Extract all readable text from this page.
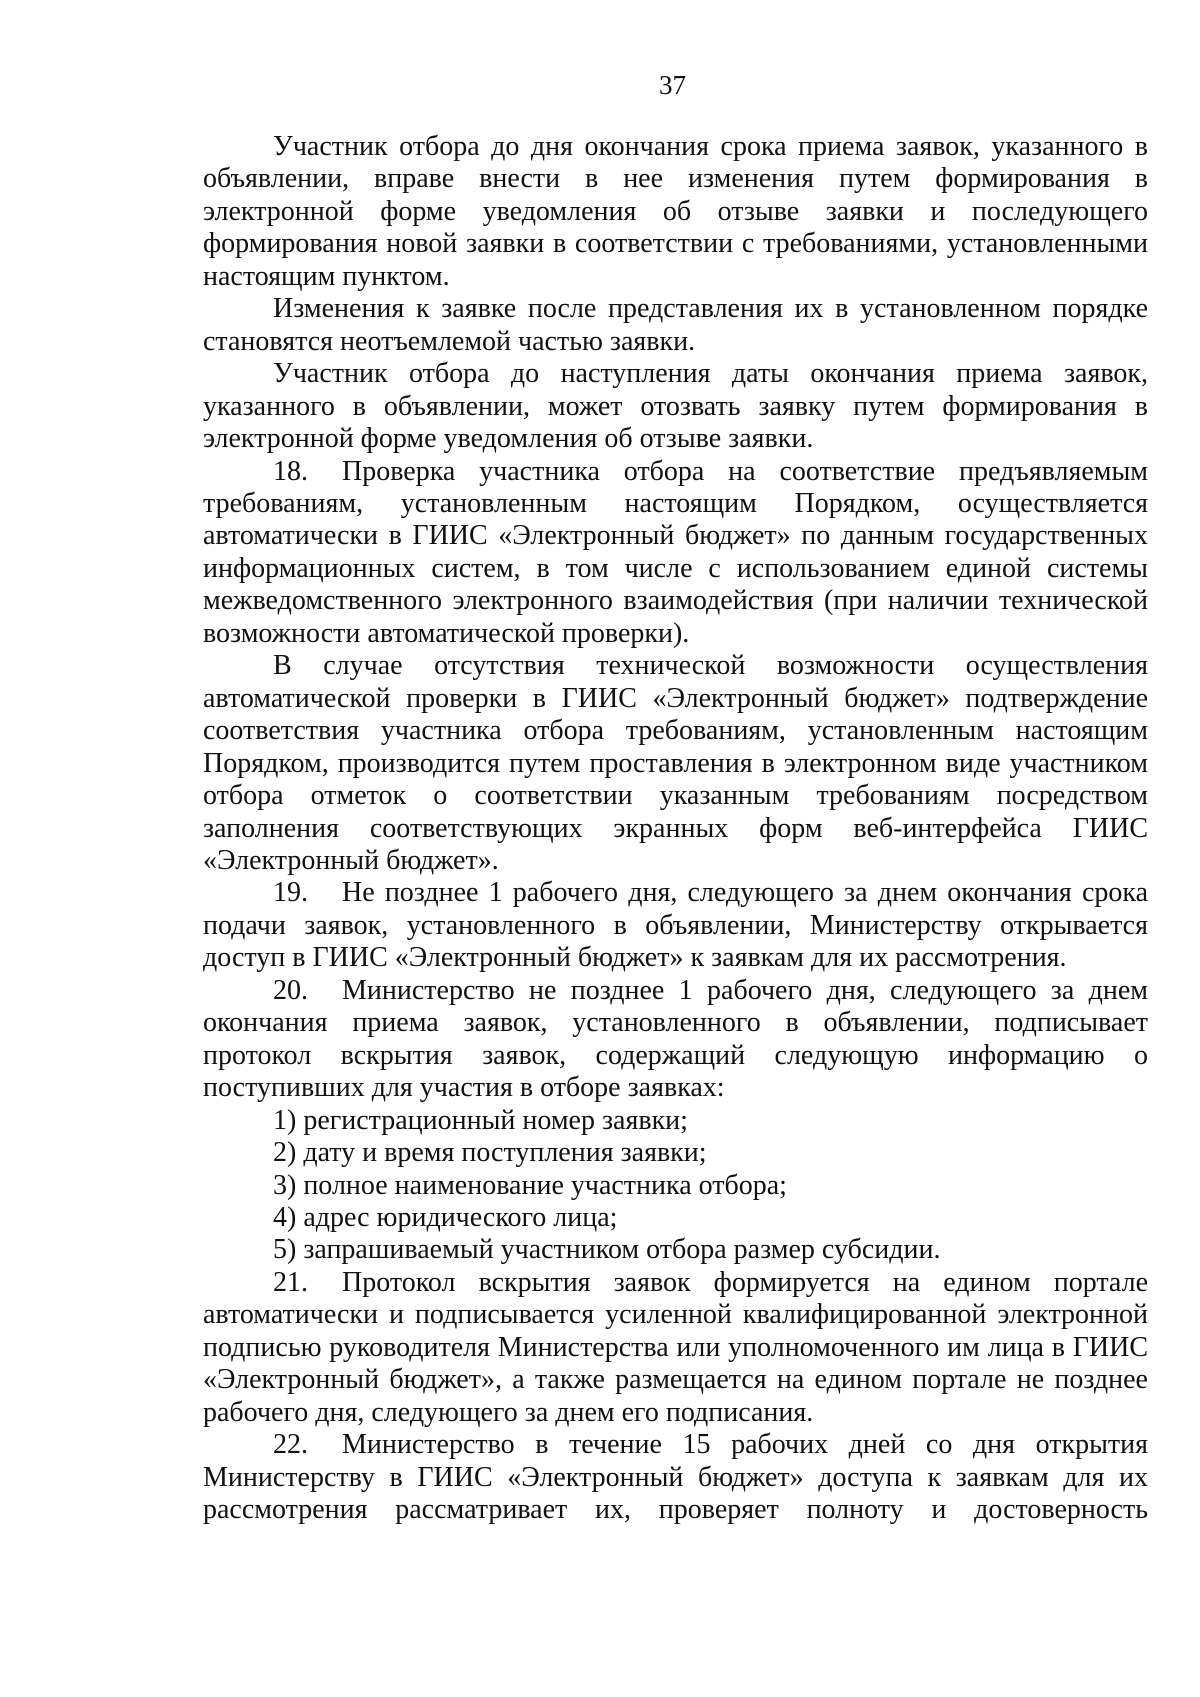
37

Участник отбора до дня окончания срока приема заявок, указанного в объявлении, вправе внести в нее изменения путем формирования в электронной форме уведомления об отзыве заявки и последующего формирования новой заявки в соответствии с требованиями, установленными настоящим пунктом.

Изменения к заявке после представления их в установленном порядке становятся неотъемлемой частью заявки.

Участник отбора до наступления даты окончания приема заявок, указанного в объявлении, может отозвать заявку путем формирования в электронной форме уведомления об отзыве заявки.

18. Проверка участника отбора на соответствие предъявляемым требованиям, установленным настоящим Порядком, осуществляется автоматически в ГИИС «Электронный бюджет» по данным государственных информационных систем, в том числе с использованием единой системы межведомственного электронного взаимодействия (при наличии технической возможности автоматической проверки).

В случае отсутствия технической возможности осуществления автоматической проверки в ГИИС «Электронный бюджет» подтверждение соответствия участника отбора требованиям, установленным настоящим Порядком, производится путем проставления в электронном виде участником отбора отметок о соответствии указанным требованиям посредством заполнения соответствующих экранных форм веб-интерфейса ГИИС «Электронный бюджет».

19. Не позднее 1 рабочего дня, следующего за днем окончания срока подачи заявок, установленного в объявлении, Министерству открывается доступ в ГИИС «Электронный бюджет» к заявкам для их рассмотрения.

20. Министерство не позднее 1 рабочего дня, следующего за днем окончания приема заявок, установленного в объявлении, подписывает протокол вскрытия заявок, содержащий следующую информацию о поступивших для участия в отборе заявках:

1) регистрационный номер заявки;

2) дату и время поступления заявки;

3) полное наименование участника отбора;

4) адрес юридического лица;

5) запрашиваемый участником отбора размер субсидии.

21. Протокол вскрытия заявок формируется на едином портале автоматически и подписывается усиленной квалифицированной электронной подписью руководителя Министерства или уполномоченного им лица в ГИИС «Электронный бюджет», а также размещается на едином портале не позднее рабочего дня, следующего за днем его подписания.

22. Министерство в течение 15 рабочих дней со дня открытия Министерству в ГИИС «Электронный бюджет» доступа к заявкам для их рассмотрения рассматривает их, проверяет полноту и достоверность
